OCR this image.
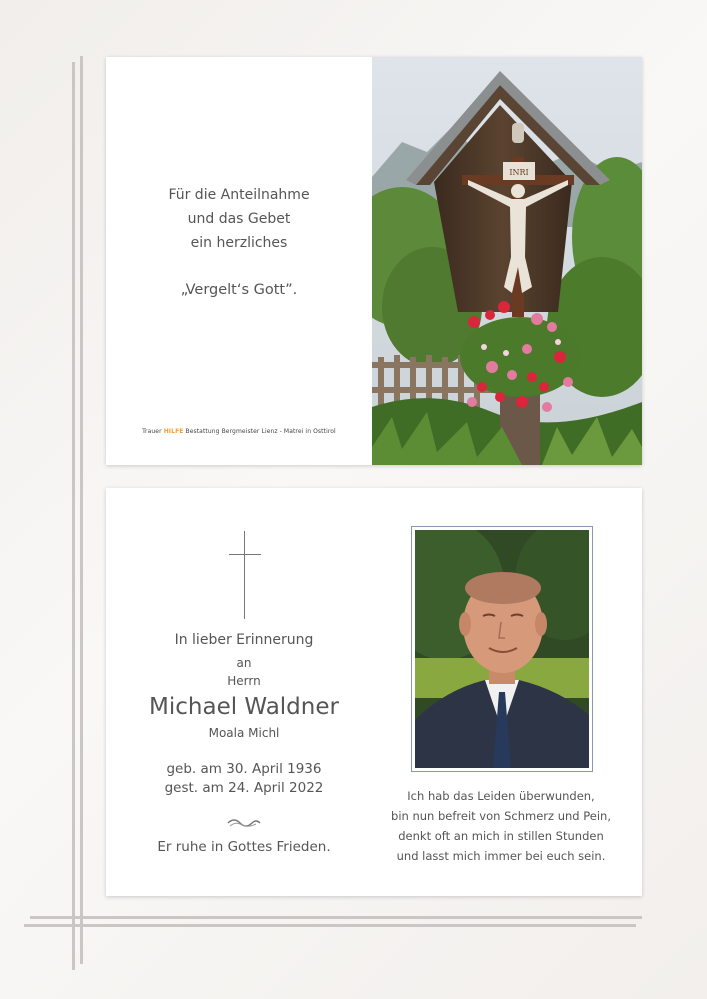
Für die Anteilnahme
und das Gebet
ein herzliches
„Vergelt‘s Gott”.
Trauer HILFE Bestattung Bergmeister Lienz - Matrei in Osttirol
INRI
In lieber Erinnerung
an
Herrn
Michael Waldner
Moala Michl
geb. am 30. April 1936
gest. am 24. April 2022
Er ruhe in Gottes Frieden.
Ich hab das Leiden überwunden,
bin nun befreit von Schmerz und Pein,
denkt oft an mich in stillen Stunden
und lasst mich immer bei euch sein.
